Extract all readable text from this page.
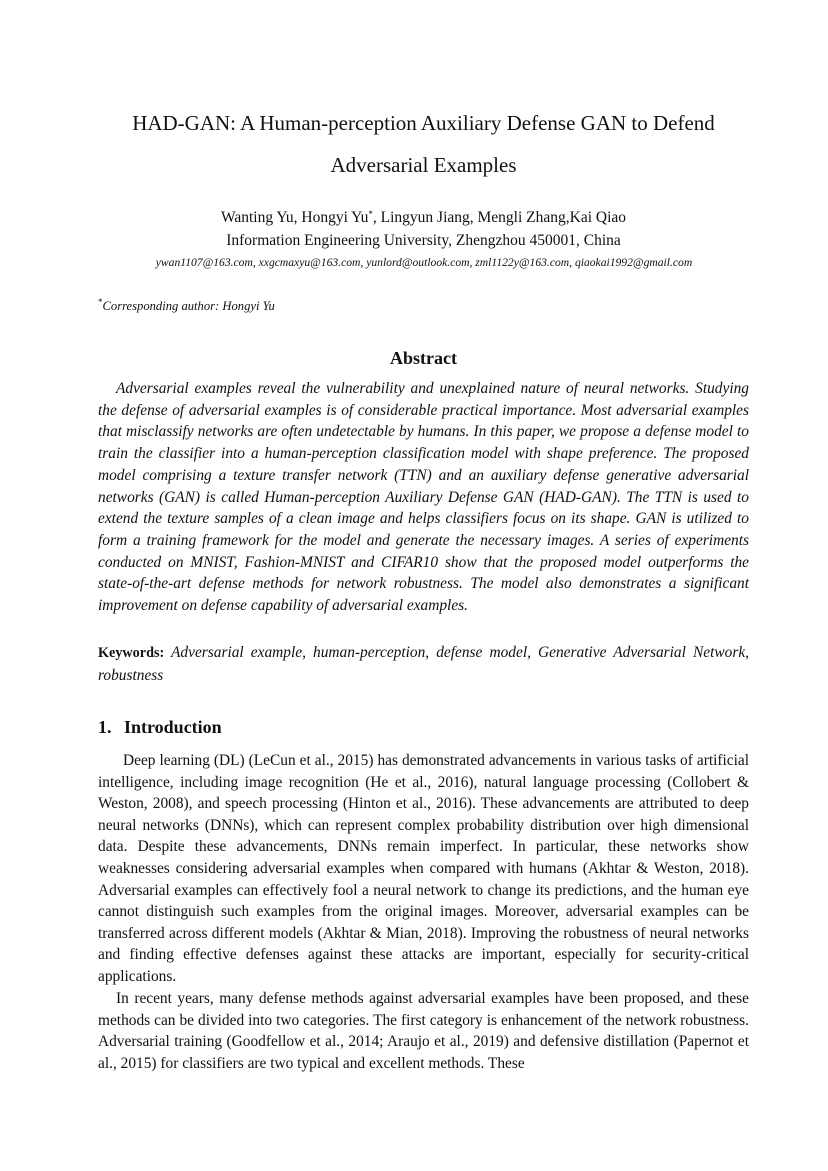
HAD-GAN: A Human-perception Auxiliary Defense GAN to Defend
Adversarial Examples
Wanting Yu, Hongyi Yu*, Lingyun Jiang, Mengli Zhang,Kai Qiao
Information Engineering University, Zhengzhou 450001, China
ywan1107@163.com, xxgcmaxyu@163.com, yunlord@outlook.com, zml1122y@163.com, qiaokai1992@gmail.com
*Corresponding author: Hongyi Yu
Abstract

Adversarial examples reveal the vulnerability and unexplained nature of neural networks. Studying the defense of adversarial examples is of considerable practical importance. Most adversarial examples that misclassify networks are often undetectable by humans. In this paper, we propose a defense model to train the classifier into a human-perception classification model with shape preference. The proposed model comprising a texture transfer network (TTN) and an auxiliary defense generative adversarial networks (GAN) is called Human-perception Auxiliary Defense GAN (HAD-GAN). The TTN is used to extend the texture samples of a clean image and helps classifiers focus on its shape. GAN is utilized to form a training framework for the model and generate the necessary images. A series of experiments conducted on MNIST, Fashion-MNIST and CIFAR10 show that the proposed model outperforms the state-of-the-art defense methods for network robustness. The model also demonstrates a significant improvement on defense capability of adversarial examples.

Keywords: Adversarial example, human-perception, defense model, Generative Adversarial Network, robustness

1. Introduction

Deep learning (DL) (LeCun et al., 2015) has demonstrated advancements in various tasks of artificial intelligence, including image recognition (He et al., 2016), natural language processing (Collobert & Weston, 2008), and speech processing (Hinton et al., 2016). These advancements are attributed to deep neural networks (DNNs), which can represent complex probability distribution over high dimensional data. Despite these advancements, DNNs remain imperfect. In particular, these networks show weaknesses considering adversarial examples when compared with humans (Akhtar & Weston, 2018). Adversarial examples can effectively fool a neural network to change its predictions, and the human eye cannot distinguish such examples from the original images. Moreover, adversarial examples can be transferred across different models (Akhtar & Mian, 2018). Improving the robustness of neural networks and finding effective defenses against these attacks are important, especially for security-critical applications.

In recent years, many defense methods against adversarial examples have been proposed, and these methods can be divided into two categories. The first category is enhancement of the network robustness. Adversarial training (Goodfellow et al., 2014; Araujo et al., 2019) and defensive distillation (Papernot et al., 2015) for classifiers are two typical and excellent methods. These
